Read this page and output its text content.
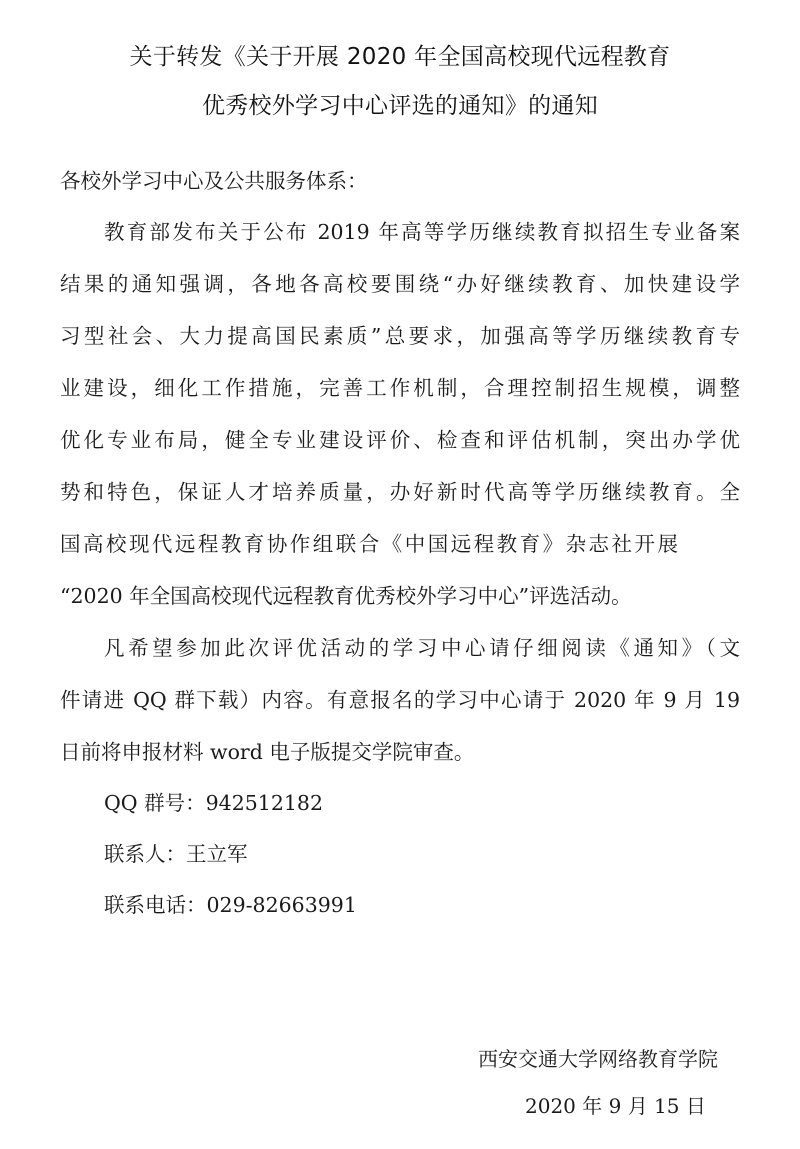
关于转发《关于开展 2020 年全国高校现代远程教育
优秀校外学习中心评选的通知》的通知
各校外学习中心及公共服务体系：
教育部发布关于公布 2019 年高等学历继续教育拟招生专业备案
结果的通知强调，各地各高校要围绕“办好继续教育、加快建设学
习型社会、大力提高国民素质”总要求，加强高等学历继续教育专
业建设，细化工作措施，完善工作机制，合理控制招生规模，调整
优化专业布局，健全专业建设评价、检查和评估机制，突出办学优
势和特色，保证人才培养质量，办好新时代高等学历继续教育。全
国高校现代远程教育协作组联合《中国远程教育》杂志社开展
“2020 年全国高校现代远程教育优秀校外学习中心”评选活动。
凡希望参加此次评优活动的学习中心请仔细阅读《通知》（文
件请进 QQ 群下载）内容。有意报名的学习中心请于 2020 年 9 月 19
日前将申报材料 word 电子版提交学院审查。
QQ 群号：942512182
联系人：王立军
联系电话：029-82663991
西安交通大学网络教育学院
2020 年 9 月 15 日
